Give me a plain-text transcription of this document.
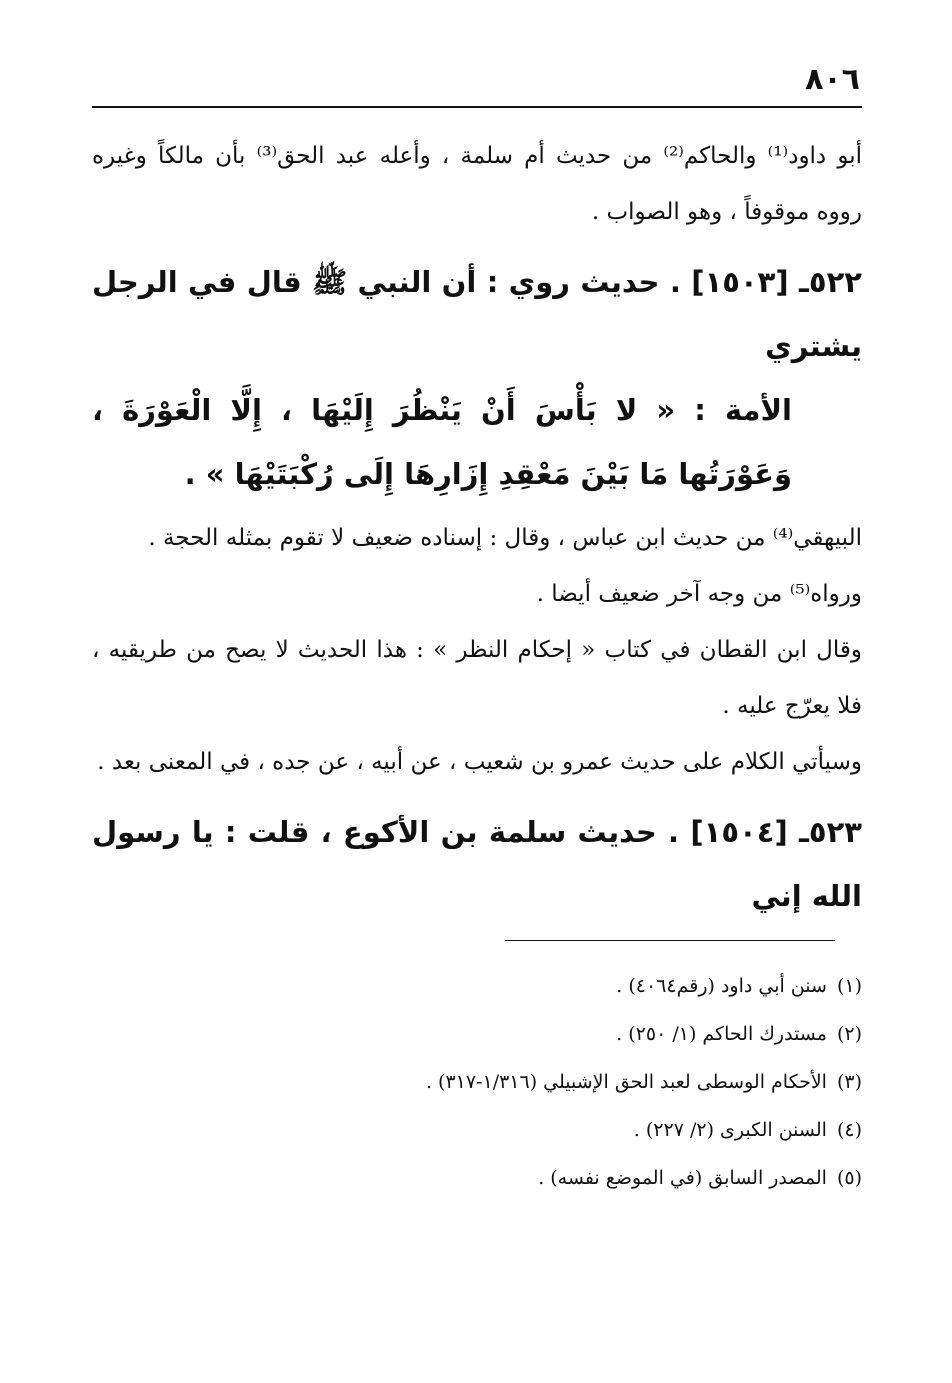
٨٠٦

أبو داود⁽¹⁾ والحاكم⁽²⁾ من حديث أم سلمة ، وأعله عبد الحق⁽³⁾ بأن مالكاً وغيره رووه موقوفاً ، وهو الصواب .

٥٢٢ـ [١٥٠٣] . حديث روي : أن النبي ﷺ قال في الرجل يشتري

الأمة : « لا بَأْسَ أَنْ يَنْظُرَ إِلَيْهَا ، إِلَّا الْعَوْرَةَ ، وَعَوْرَتُها مَا بَيْنَ مَعْقِدِ إِزَارِهَا إِلَى رُكْبَتَيْهَا » .

البيهقي⁽⁴⁾ من حديث ابن عباس ، وقال : إسناده ضعيف لا تقوم بمثله الحجة .

ورواه⁽⁵⁾ من وجه آخر ضعيف أيضا .

وقال ابن القطان في كتاب « إحكام النظر » : هذا الحديث لا يصح من طريقيه ، فلا يعرّج عليه .

وسيأتي الكلام على حديث عمرو بن شعيب ، عن أبيه ، عن جده ، في المعنى بعد .

٥٢٣ـ [١٥٠٤] . حديث سلمة بن الأكوع ، قلت : يا رسول الله إني

(١)
سنن أبي داود (رقم٤٠٦٤) .
(٢)
مستدرك الحاكم (١/ ٢٥٠) .
(٣)
الأحكام الوسطى لعبد الحق الإشبيلي (١/٣١٦-٣١٧) .
(٤)
السنن الكبرى (٢/ ٢٢٧) .
(٥)
المصدر السابق (في الموضع نفسه) .
